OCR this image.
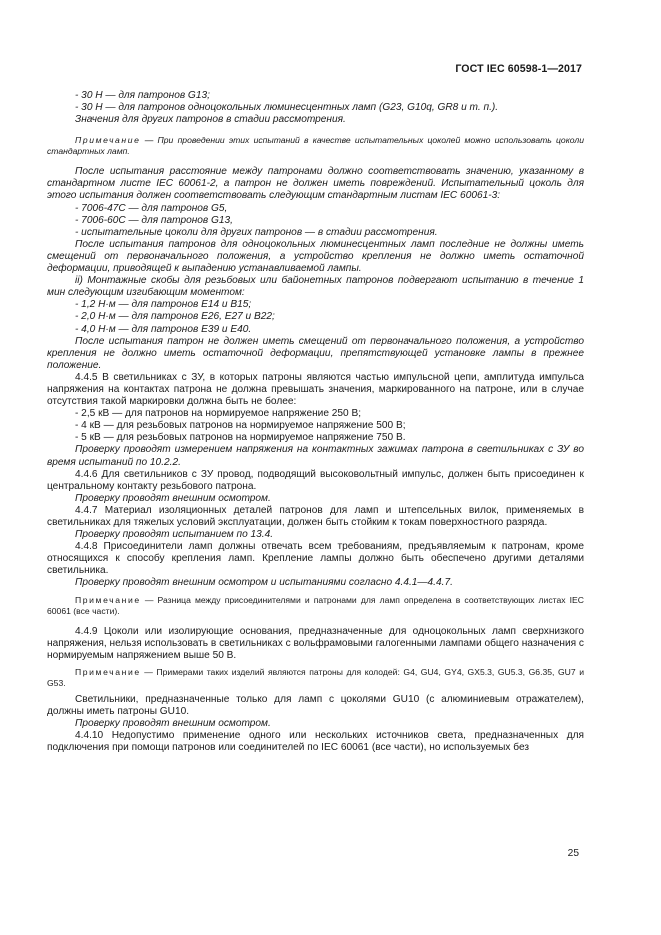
ГОСТ IEC 60598-1—2017

- 30 Н — для патронов G13;

- 30 Н — для патронов одноцокольных люминесцентных ламп (G23, G10q, GR8 и т. п.).

Значения для других патронов в стадии рассмотрения.

Примечание — При проведении этих испытаний в качестве испытательных цоколей можно использовать цоколи стандартных ламп.

После испытания расстояние между патронами должно соответствовать значению, указанному в стандартном листе IEC 60061-2, а патрон не должен иметь повреждений. Испытательный цоколь для этого испытания должен соответствовать следующим стандартным листам IEC 60061-3:

- 7006-47С — для патронов G5,

- 7006-60С — для патронов G13,

- испытательные цоколи для других патронов — в стадии рассмотрения.

После испытания патронов для одноцокольных люминесцентных ламп последние не должны иметь смещений от первоначального положения, а устройство крепления не должно иметь остаточной деформации, приводящей к выпадению устанавливаемой лампы.

ii) Монтажные скобы для резьбовых или байонетных патронов подвергают испытанию в течение 1 мин следующим изгибающим моментом:

- 1,2 Н·м — для патронов Е14 и В15;

- 2,0 Н·м — для патронов Е26, Е27 и В22;

- 4,0 Н·м — для патронов Е39 и Е40.

После испытания патрон не должен иметь смещений от первоначального положения, а устройство крепления не должно иметь остаточной деформации, препятствующей установке лампы в прежнее положение.

4.4.5 В светильниках с ЗУ, в которых патроны являются частью импульсной цепи, амплитуда импульса напряжения на контактах патрона не должна превышать значения, маркированного на патроне, или в случае отсутствия такой маркировки должна быть не более:

- 2,5 кВ — для патронов на нормируемое напряжение 250 В;

- 4 кВ — для резьбовых патронов на нормируемое напряжение 500 В;

- 5 кВ — для резьбовых патронов на нормируемое напряжение 750 В.

Проверку проводят измерением напряжения на контактных зажимах патрона в светильниках с ЗУ во время испытаний по 10.2.2.

4.4.6 Для светильников с ЗУ провод, подводящий высоковольтный импульс, должен быть присоединен к центральному контакту резьбового патрона.

Проверку проводят внешним осмотром.

4.4.7 Материал изоляционных деталей патронов для ламп и штепсельных вилок, применяемых в светильниках для тяжелых условий эксплуатации, должен быть стойким к токам поверхностного разряда.

Проверку проводят испытанием по 13.4.

4.4.8 Присоединители ламп должны отвечать всем требованиям, предъявляемым к патронам, кроме относящихся к способу крепления ламп. Крепление лампы должно быть обеспечено другими деталями светильника.

Проверку проводят внешним осмотром и испытаниями согласно 4.4.1—4.4.7.

Примечание — Разница между присоединителями и патронами для ламп определена в соответствующих листах IEC 60061 (все части).

4.4.9 Цоколи или изолирующие основания, предназначенные для одноцокольных ламп сверхнизкого напряжения, нельзя использовать в светильниках с вольфрамовыми галогенными лампами общего назначения с нормируемым напряжением выше 50 В.

Примечание — Примерами таких изделий являются патроны для колодей: G4, GU4, GY4, GX5.3, GU5.3, G6.35, GU7 и G53.

Светильники, предназначенные только для ламп с цоколями GU10 (с алюминиевым отражателем), должны иметь патроны GU10.

Проверку проводят внешним осмотром.

4.4.10 Недопустимо применение одного или нескольких источников света, предназначенных для подключения при помощи патронов или соединителей по IEC 60061 (все части), но используемых без

25
